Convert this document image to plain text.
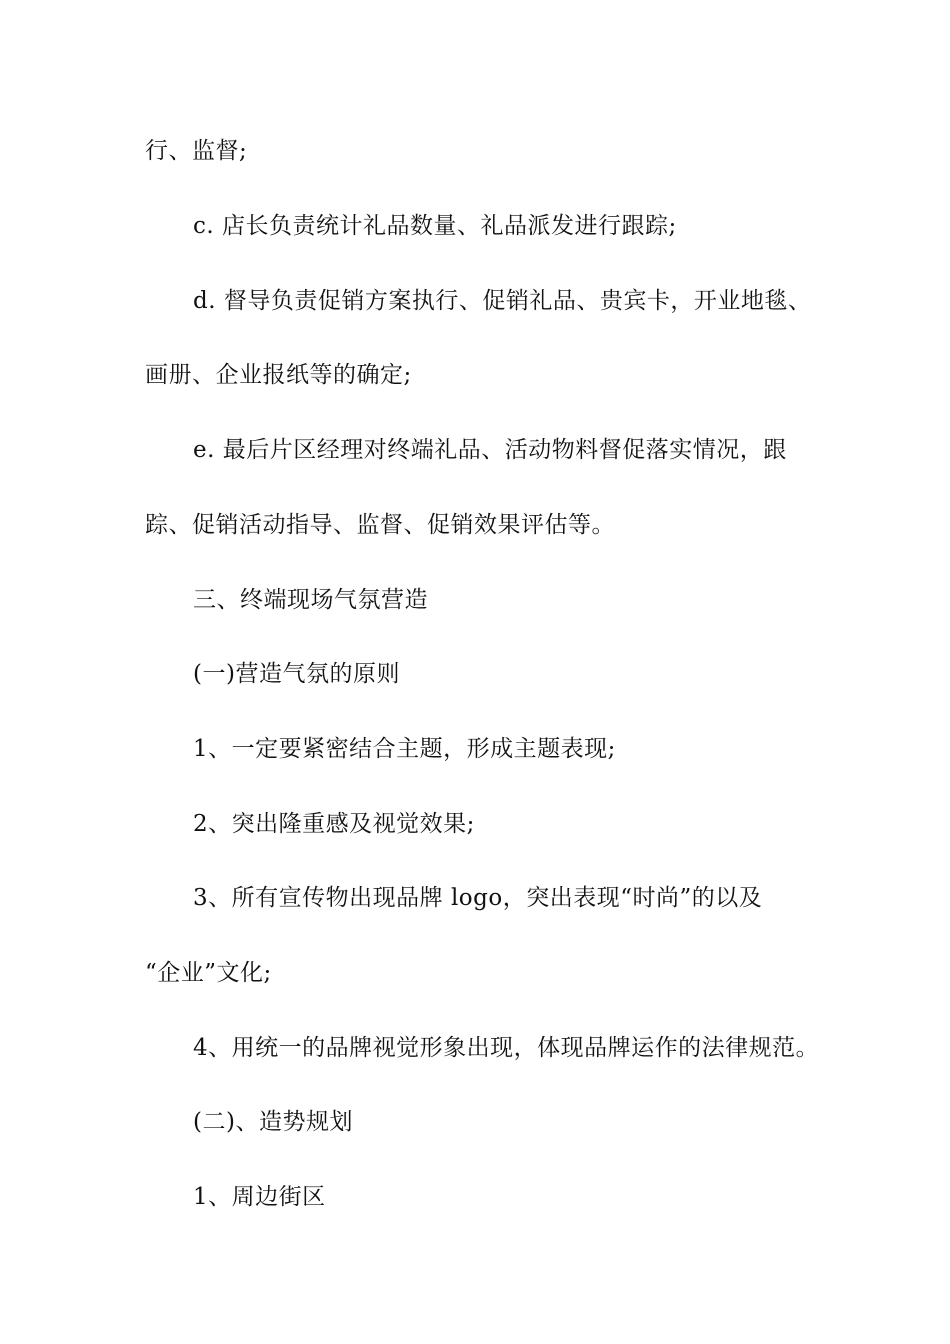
行、监督;
c. 店长负责统计礼品数量、礼品派发进行跟踪;
d. 督导负责促销方案执行、促销礼品、贵宾卡，开业地毯、
画册、企业报纸等的确定;
e. 最后片区经理对终端礼品、活动物料督促落实情况，跟
踪、促销活动指导、监督、促销效果评估等。
三、终端现场气氛营造
(一)营造气氛的原则
1、一定要紧密结合主题，形成主题表现;
2、突出隆重感及视觉效果;
3、所有宣传物出现品牌 logo，突出表现“时尚”的以及
“企业”文化;
4、用统一的品牌视觉形象出现，体现品牌运作的法律规范。
(二)、造势规划
1、周边街区
